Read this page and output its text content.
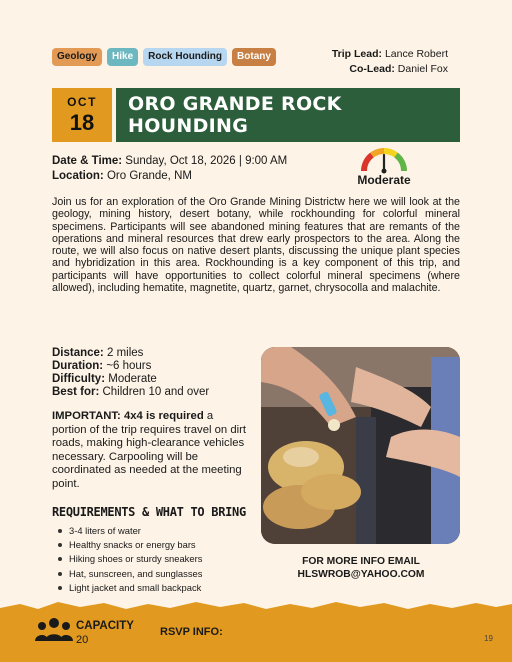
Geology	Hike	Rock Hounding	Botany	Trip Lead: Lance Robert
Co-Lead: Daniel Fox
OCT
18
ORO GRANDE ROCK HOUNDING
Date & Time: Sunday, Oct 18, 2026 | 9:00 AM
Location: Oro Grande, NM	Moderate

Join us for an exploration of the Oro Grande Mining Districtw here we will look at the geology, mining history, desert botany, while rockhounding for colorful mineral specimens. Participants will see abandoned mining features that are remants of the operations and mineral resources that drew early prospectors to the area. Along the route, we will also focus on native desert plants, discussing the unique plant species and hybridization in this area. Rockhounding is a key component of this trip, and participants will have opportunities to collect colorful mineral specimens (where allowed), including hematite, magnetite, quartz, garnet, chrysocolla and malachite.

Distance: 2 miles
Duration: ~6 hours
Difficulty: Moderate
Best for: Children 10 and over
IMPORTANT: 4x4 is required a portion of the trip requires travel on dirt roads, making high-clearance vehicles necessary. Carpooling will be coordinated as needed at the meeting point.
REQUIREMENTS & WHAT TO BRING
3-4 liters of water
Healthy snacks or energy bars
Hiking shoes or sturdy sneakers
Hat, sunscreen, and sunglasses
Light jacket and small backpack
FOR MORE INFO EMAIL
HLSWROB@YAHOO.COM
CAPACITY
20
RSVP INFO:
19
